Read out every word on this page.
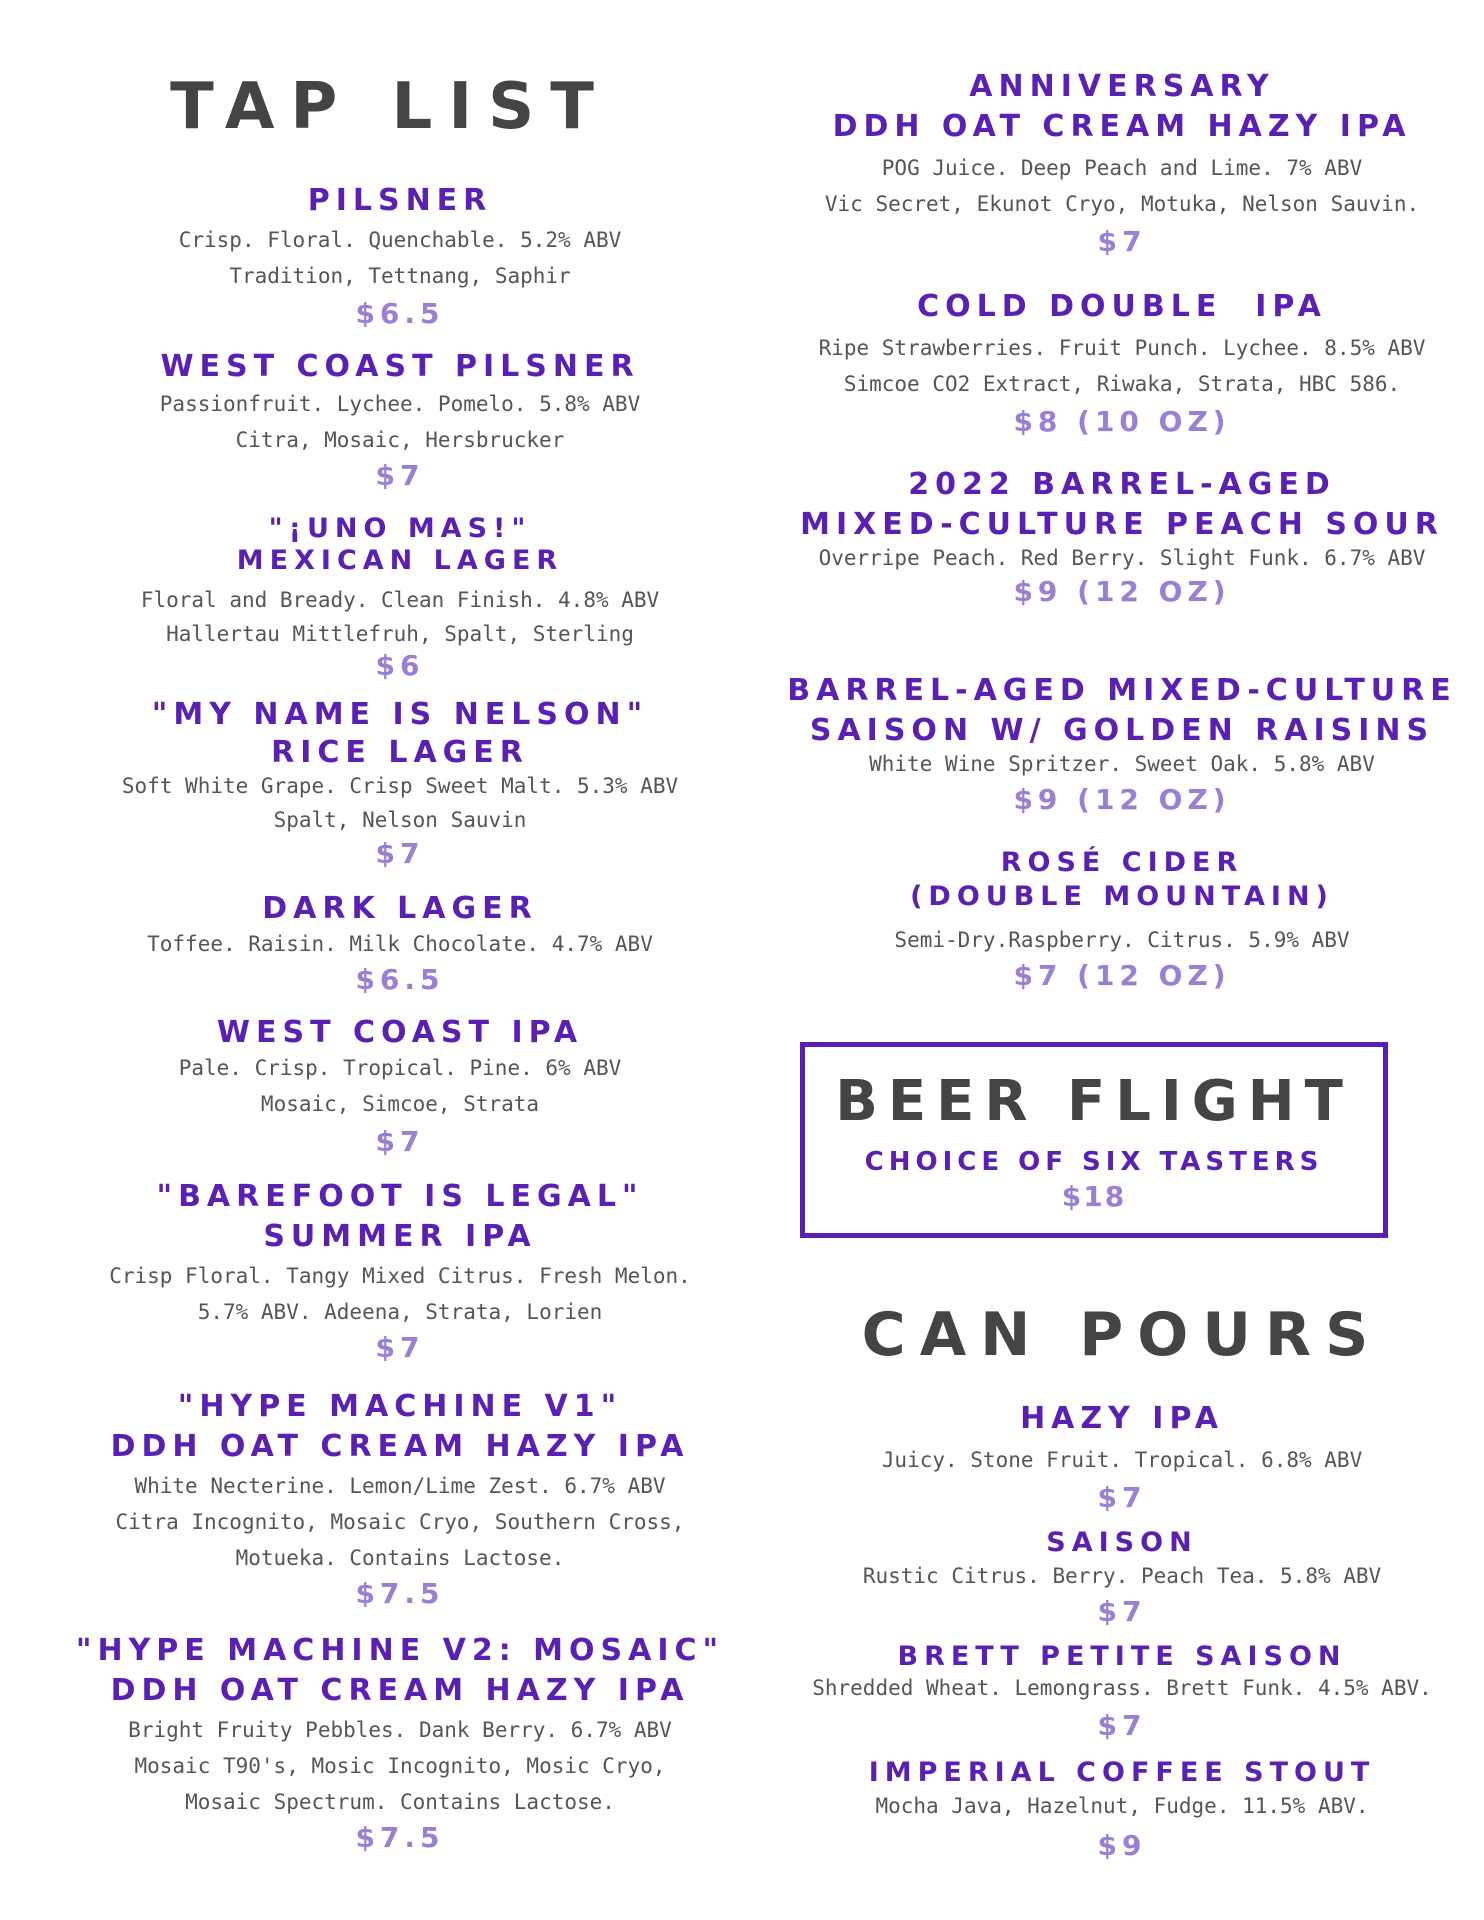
TAP LIST
PILSNER
Crisp. Floral. Quenchable. 5.2% ABV
Tradition, Tettnang, Saphir
$6.5
WEST COAST PILSNER
Passionfruit. Lychee. Pomelo. 5.8% ABV
Citra, Mosaic, Hersbrucker
$7
"¡UNO MAS!"
MEXICAN LAGER
Floral and Bready. Clean Finish. 4.8% ABV
Hallertau Mittlefruh, Spalt, Sterling
$6
"MY NAME IS NELSON"
RICE LAGER
Soft White Grape. Crisp Sweet Malt. 5.3% ABV
Spalt, Nelson Sauvin
$7
DARK LAGER
Toffee. Raisin. Milk Chocolate. 4.7% ABV
$6.5
WEST COAST IPA
Pale. Crisp. Tropical. Pine. 6% ABV
Mosaic, Simcoe, Strata
$7
"BAREFOOT IS LEGAL"
SUMMER IPA
Crisp Floral. Tangy Mixed Citrus. Fresh Melon.
5.7% ABV. Adeena, Strata, Lorien
$7
"HYPE MACHINE V1"
DDH OAT CREAM HAZY IPA
White Necterine. Lemon/Lime Zest. 6.7% ABV
Citra Incognito, Mosaic Cryo, Southern Cross,
Motueka. Contains Lactose.
$7.5
"HYPE MACHINE V2: MOSAIC"
DDH OAT CREAM HAZY IPA
Bright Fruity Pebbles. Dank Berry. 6.7% ABV
Mosaic T90's, Mosic Incognito, Mosic Cryo,
Mosaic Spectrum. Contains Lactose.
$7.5
ANNIVERSARY
DDH OAT CREAM HAZY IPA
POG Juice. Deep Peach and Lime. 7% ABV
Vic Secret, Ekunot Cryo, Motuka, Nelson Sauvin.
$7
COLD DOUBLE  IPA
Ripe Strawberries. Fruit Punch. Lychee. 8.5% ABV
Simcoe CO2 Extract, Riwaka, Strata, HBC 586.
$8 (10 OZ)
2022 BARREL-AGED
MIXED-CULTURE PEACH SOUR
Overripe Peach. Red Berry. Slight Funk. 6.7% ABV
$9 (12 OZ)
BARREL-AGED MIXED-CULTURE
SAISON W/ GOLDEN RAISINS
White Wine Spritzer. Sweet Oak. 5.8% ABV
$9 (12 OZ)
ROSÉ CIDER
(DOUBLE MOUNTAIN)
Semi-Dry.Raspberry. Citrus. 5.9% ABV
$7 (12 OZ)
CAN POURS
HAZY IPA
Juicy. Stone Fruit. Tropical. 6.8% ABV
$7
SAISON
Rustic Citrus. Berry. Peach Tea. 5.8% ABV
$7
BRETT PETITE SAISON
Shredded Wheat. Lemongrass. Brett Funk. 4.5% ABV.
$7
IMPERIAL COFFEE STOUT
Mocha Java, Hazelnut, Fudge. 11.5% ABV.
$9
BEER FLIGHT
CHOICE OF SIX TASTERS
$18
